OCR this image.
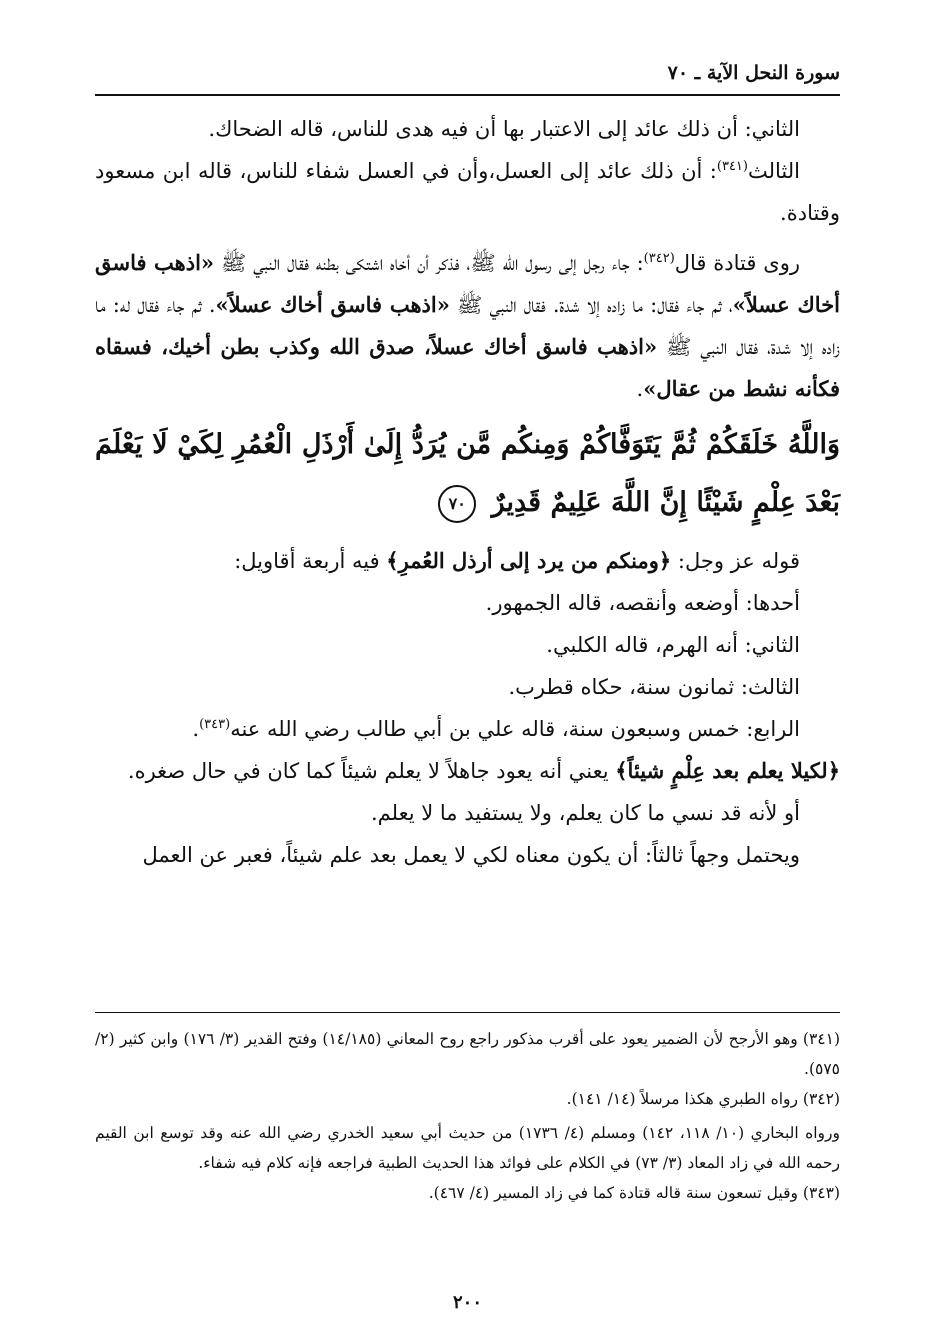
سورة النحل الآية ـ ٧٠

الثاني: أن ذلك عائد إلى الاعتبار بها أن فيه هدى للناس، قاله الضحاك.

الثالث$^{(٣٤١)}$: أن ذلك عائد إلى العسل،وأن في العسل شفاء للناس، قاله ابن مسعود وقتادة.

روى قتادة قال$^{(٣٤٢)}$: جاء رجل إلى رسول الله ﷺ، فذكر أن أخاه اشتكى بطنه فقال النبي ﷺ «اذهب فاسق أخاك عسلاً»، ثم جاء فقال: ما زاده إلا شدة. فقال النبي ﷺ «اذهب فاسق أخاك عسلاً». ثم جاء فقال له: ما زاده إلا شدة، فقال النبي ﷺ «اذهب فاسق أخاك عسلاً، صدق الله وكذب بطن أخيك، فسقاه فكأنه نشط من عقال».

وَاللَّهُ خَلَقَكُمْ ثُمَّ يَتَوَفَّاكُمْ وَمِنكُم مَّن يُرَدُّ إِلَىٰ أَرْذَلِ الْعُمُرِ لِكَيْ لَا يَعْلَمَ بَعْدَ عِلْمٍ شَيْئًا إِنَّ اللَّهَ عَلِيمٌ قَدِيرٌ ٧٠

قوله عز وجل: ﴿ومنكم من يرد إلى أرذل العُمرِ﴾ فيه أربعة أقاويل:

أحدها: أوضعه وأنقصه، قاله الجمهور.

الثاني: أنه الهرم، قاله الكلبي.

الثالث: ثمانون سنة، حكاه قطرب.

الرابع: خمس وسبعون سنة، قاله علي بن أبي طالب رضي الله عنه$^{(٣٤٣)}$.

﴿لكيلا يعلم بعد عِلْمٍ شيئاً﴾ يعني أنه يعود جاهلاً لا يعلم شيئاً كما كان في حال صغره.

أو لأنه قد نسي ما كان يعلم، ولا يستفيد ما لا يعلم.

ويحتمل وجهاً ثالثاً: أن يكون معناه لكي لا يعمل بعد علم شيئاً، فعبر عن العمل

(٣٤١) وهو الأرجح لأن الضمير يعود على أقرب مذكور راجع روح المعاني (١٤/١٨٥) وفتح القدير (٣/ ١٧٦) وابن كثير (٢/ ٥٧٥).

(٣٤٢) رواه الطبري هكذا مرسلاً (١٤/ ١٤١).

ورواه البخاري (١٠/ ١١٨، ١٤٢) ومسلم (٤/ ١٧٣٦) من حديث أبي سعيد الخدري رضي الله عنه وقد توسع ابن القيم رحمه الله في زاد المعاد (٣/ ٧٣) في الكلام على فوائد هذا الحديث الطبية فراجعه فإنه كلام فيه شفاء.

(٣٤٣) وقيل تسعون سنة قاله قتادة كما في زاد المسير (٤/ ٤٦٧).

٢٠٠
